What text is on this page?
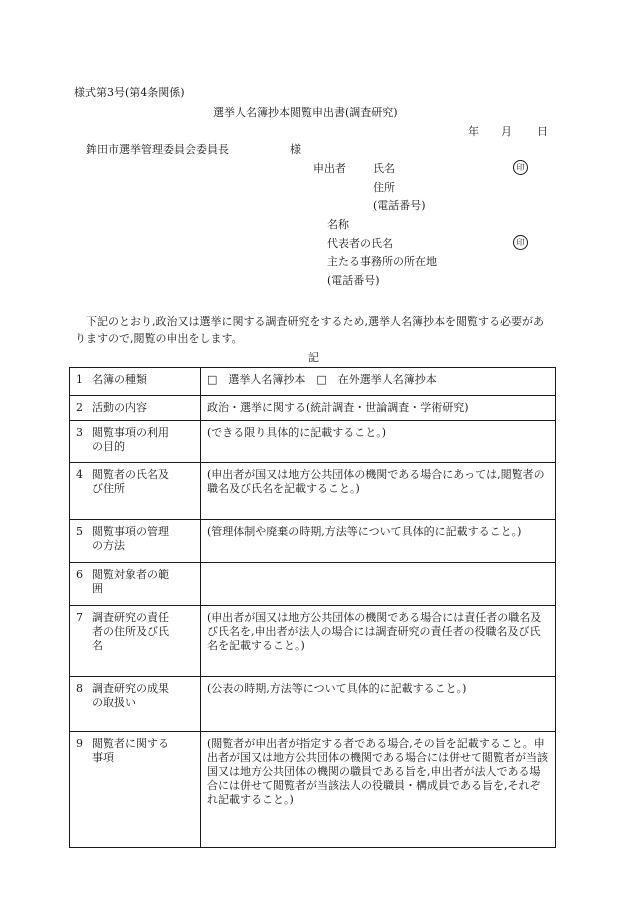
様式第3号(第4条関係)
選挙人名簿抄本閲覧申出書(調査研究)
年 月 日
鉾田市選挙管理委員会委員長	様
申出者 氏名	印
住所
(電話番号)
名称
代表者の氏名	印
主たる事務所の所在地
(電話番号)
下記のとおり,政治又は選挙に関する調査研究をするため,選挙人名簿抄本を閲覧する必要がありますので,閲覧の申出をします。
記
1 名簿の種類	□　選挙人名簿抄本　□　在外選挙人名簿抄本
2 活動の内容	政治・選挙に関する(統計調査・世論調査・学術研究)

3 閲覧事項の利用の目的	(できる限り具体的に記載すること。)

4 閲覧者の氏名及び住所	(申出者が国又は地方公共団体の機関である場合にあっては,閲覧者の職名及び氏名を記載すること。)

5 閲覧事項の管理の方法	(管理体制や廃棄の時期,方法等について具体的に記載すること。)

6 閲覧対象者の範囲	

7 調査研究の責任者の住所及び氏名	(申出者が国又は地方公共団体の機関である場合には責任者の職名及び氏名を,申出者が法人の場合には調査研究の責任者の役職名及び氏名を記載すること。)

8 調査研究の成果の取扱い	(公表の時期,方法等について具体的に記載すること。)

9 閲覧者に関する事項	(閲覧者が申出者が指定する者である場合,その旨を記載すること。申出者が国又は地方公共団体の機関である場合には併せて閲覧者が当該国又は地方公共団体の機関の職員である旨を,申出者が法人である場合には併せて閲覧者が当該法人の役職員・構成員である旨を,それぞれ記載すること。)
